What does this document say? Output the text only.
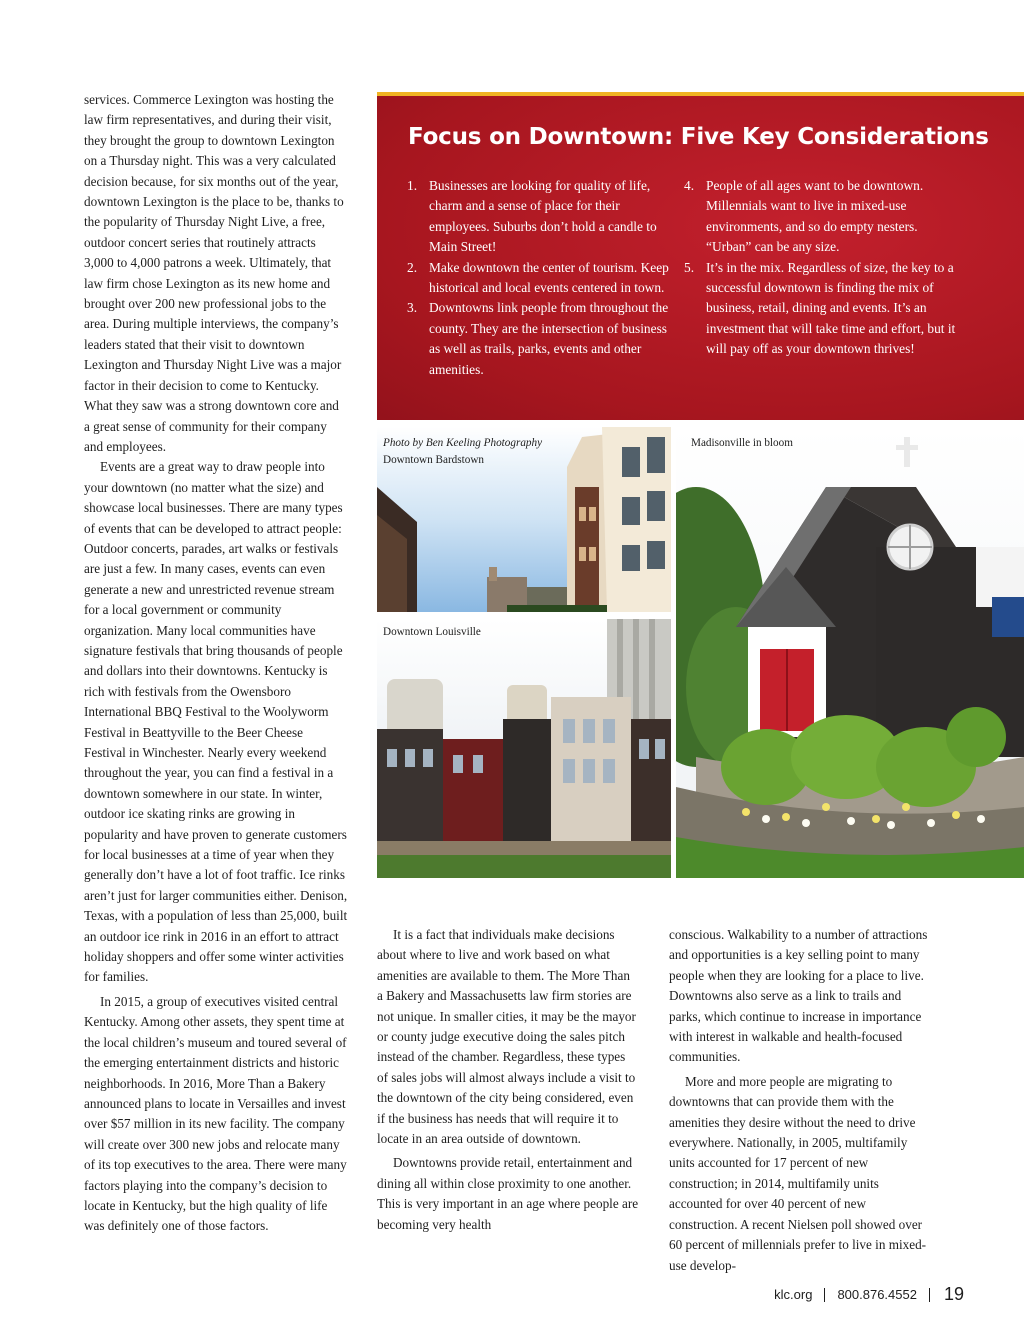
services. Commerce Lexington was hosting the law firm representatives, and during their visit, they brought the group to downtown Lexington on a Thursday night. This was a very calculated decision because, for six months out of the year, downtown Lexington is the place to be, thanks to the popularity of Thursday Night Live, a free, outdoor concert series that routinely attracts 3,000 to 4,000 patrons a week. Ultimately, that law firm chose Lexington as its new home and brought over 200 new professional jobs to the area. During multiple interviews, the company’s leaders stated that their visit to downtown Lexington and Thursday Night Live was a major factor in their decision to come to Kentucky. What they saw was a strong downtown core and a great sense of community for their company and employees.

Events are a great way to draw people into your downtown (no matter what the size) and showcase local businesses. There are many types of events that can be developed to attract people: Outdoor concerts, parades, art walks or festivals are just a few. In many cases, events can even generate a new and unrestricted revenue stream for a local government or community organization. Many local communities have signature festivals that bring thousands of people and dollars into their downtowns. Kentucky is rich with festivals from the Owensboro International BBQ Festival to the Woolyworm Festival in Beattyville to the Beer Cheese Festival in Winchester. Nearly every weekend throughout the year, you can find a festival in a downtown somewhere in our state. In winter, outdoor ice skating rinks are growing in popularity and have proven to generate customers for local businesses at a time of year when they generally don’t have a lot of foot traffic. Ice rinks aren’t just for larger communities either. Denison, Texas, with a population of less than 25,000, built an outdoor ice rink in 2016 in an effort to attract holiday shoppers and offer some winter activities for families.

In 2015, a group of executives visited central Kentucky. Among other assets, they spent time at the local children’s museum and toured several of the emerging entertainment districts and historic neighborhoods. In 2016, More Than a Bakery announced plans to locate in Versailles and invest over $57 million in its new facility. The company will create over 300 new jobs and relocate many of its top executives to the area. There were many factors playing into the company’s decision to locate in Kentucky, but the high quality of life was definitely one of those factors.

Focus on Downtown: Five Key Considerations
1. Businesses are looking for quality of life, charm and a sense of place for their employees. Suburbs don’t hold a candle to Main Street!
2. Make downtown the center of tourism. Keep historical and local events centered in town.
3. Downtowns link people from throughout the county. They are the intersection of business as well as trails, parks, events and other amenities.
4. People of all ages want to be downtown. Millennials want to live in mixed-use environments, and so do empty nesters. “Urban” can be any size.
5. It’s in the mix. Regardless of size, the key to a successful downtown is finding the mix of business, retail, dining and events. It’s an investment that will take time and effort, but it will pay off as your downtown thrives!
Photo by Ben Keeling Photography
Downtown Bardstown
Downtown Louisville
Madisonville in bloom

It is a fact that individuals make decisions about where to live and work based on what amenities are available to them. The More Than a Bakery and Massachusetts law firm stories are not unique. In smaller cities, it may be the mayor or county judge executive doing the sales pitch instead of the chamber. Regardless, these types of sales jobs will almost always include a visit to the downtown of the city being considered, even if the business has needs that will require it to locate in an area outside of downtown.

Downtowns provide retail, entertainment and dining all within close proximity to one another. This is very important in an age where people are becoming very health

conscious. Walkability to a number of attractions and opportunities is a key selling point to many people when they are looking for a place to live. Downtowns also serve as a link to trails and parks, which continue to increase in importance with interest in walkable and health-focused communities.

More and more people are migrating to downtowns that can provide them with the amenities they desire without the need to drive everywhere. Nationally, in 2005, multifamily units accounted for 17 percent of new construction; in 2014, multifamily units accounted for over 40 percent of new construction. A recent Nielsen poll showed over 60 percent of millennials prefer to live in mixed-use develop-

klc.org 800.876.4552 19
